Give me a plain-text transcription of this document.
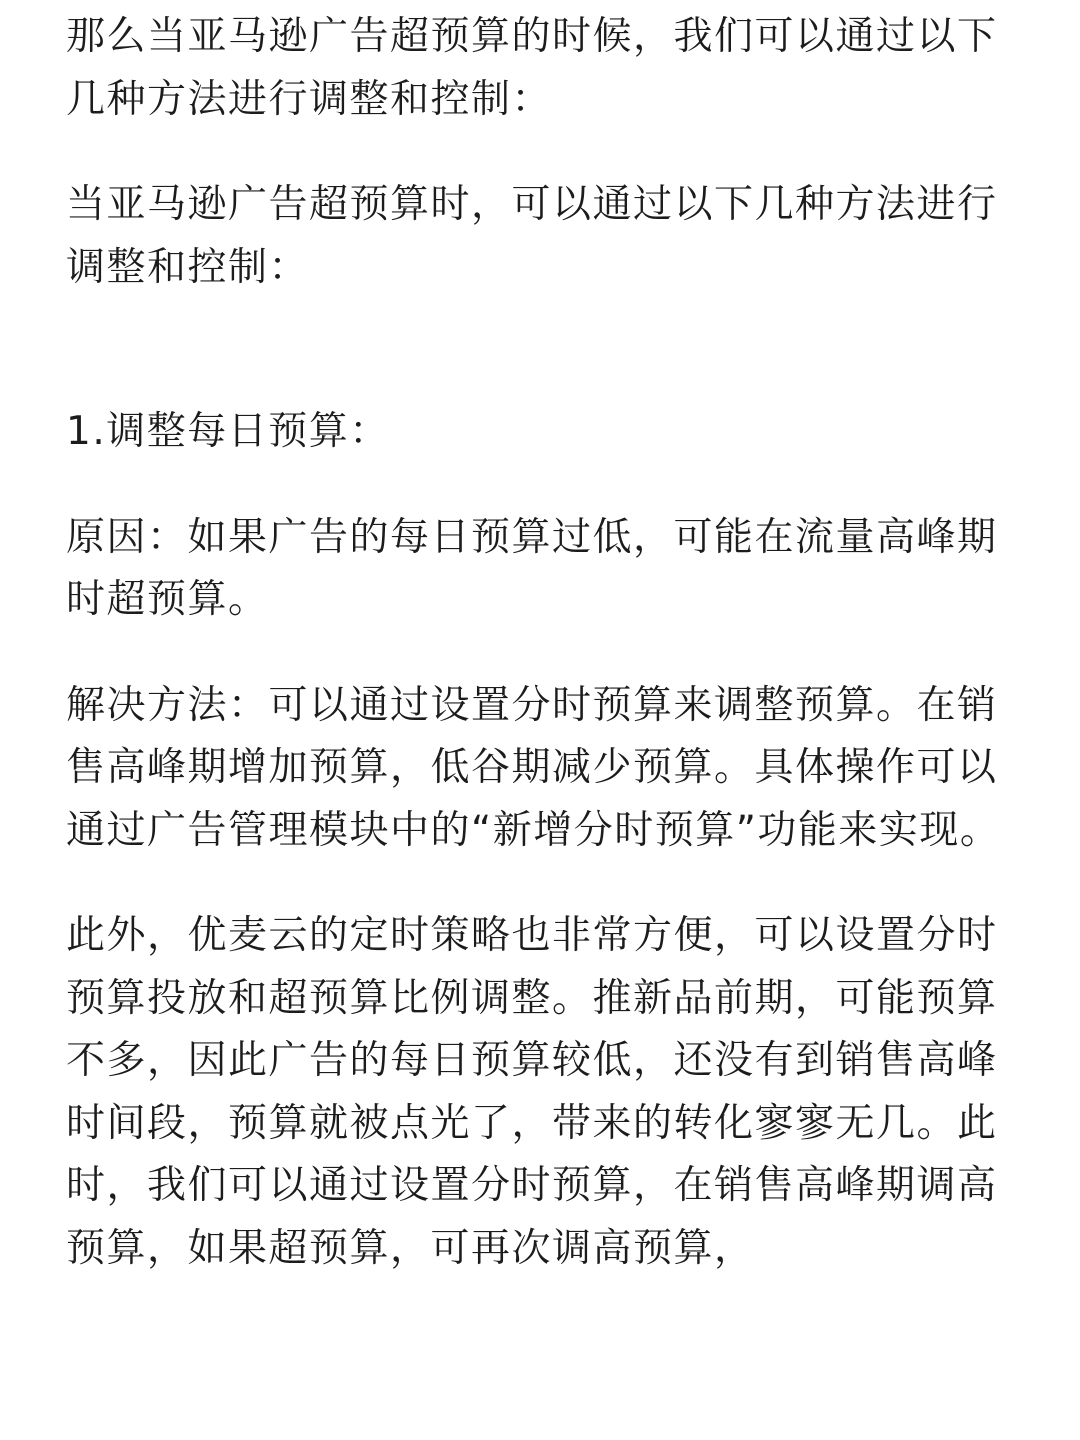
那么当亚马逊广告超预算的时候，我们可以通过以下几种方法进行调整和控制：

当亚马逊广告超预算时，可以通过以下几种方法进行调整和控制：

1.调整每日预算：

原因：如果广告的每日预算过低，可能在流量高峰期时超预算。

解决方法：可以通过设置分时预算来调整预算。在销售高峰期增加预算，低谷期减少预算。具体操作可以通过广告管理模块中的“新增分时预算”功能来实现。

此外，优麦云的定时策略也非常方便，可以设置分时预算投放和超预算比例调整。推新品前期，可能预算不多，因此广告的每日预算较低，还没有到销售高峰时间段，预算就被点光了，带来的转化寥寥无几。此时，我们可以通过设置分时预算，在销售高峰期调高预算，如果超预算，可再次调高预算，
